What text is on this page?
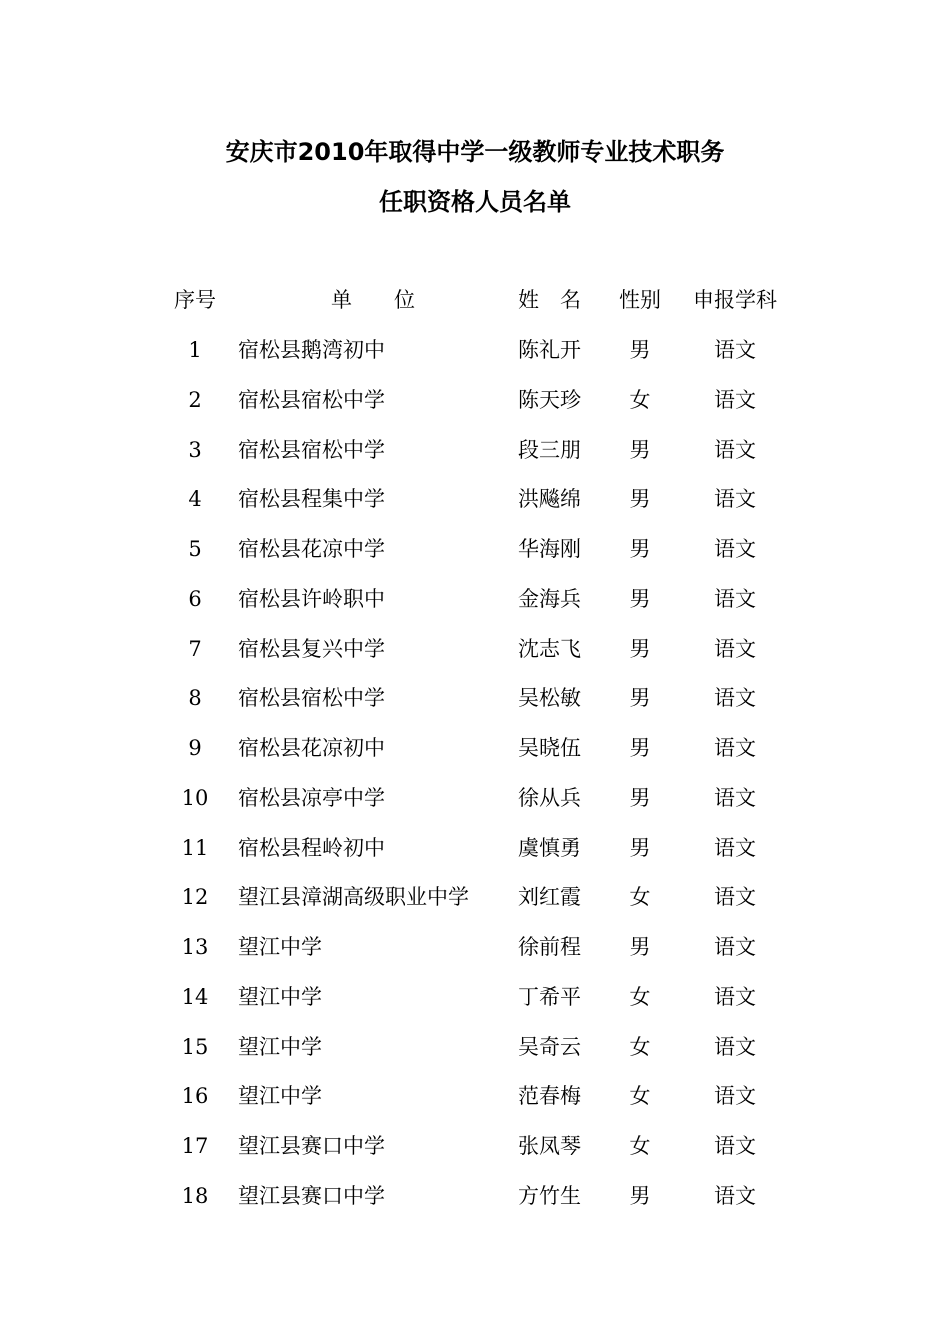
安庆市2010年取得中学一级教师专业技术职务
任职资格人员名单
序号	单　　位	姓　名	性别	申报学科
1	宿松县鹅湾初中	陈礼开	男	语文
2	宿松县宿松中学	陈天珍	女	语文
3	宿松县宿松中学	段三朋	男	语文
4	宿松县程集中学	洪飚绵	男	语文
5	宿松县花凉中学	华海刚	男	语文
6	宿松县许岭职中	金海兵	男	语文
7	宿松县复兴中学	沈志飞	男	语文
8	宿松县宿松中学	吴松敏	男	语文
9	宿松县花凉初中	吴晓伍	男	语文
10	宿松县凉亭中学	徐从兵	男	语文
11	宿松县程岭初中	虞慎勇	男	语文
12	望江县漳湖高级职业中学	刘红霞	女	语文
13	望江中学	徐前程	男	语文
14	望江中学	丁希平	女	语文
15	望江中学	吴奇云	女	语文
16	望江中学	范春梅	女	语文
17	望江县赛口中学	张凤琴	女	语文
18	望江县赛口中学	方竹生	男	语文
